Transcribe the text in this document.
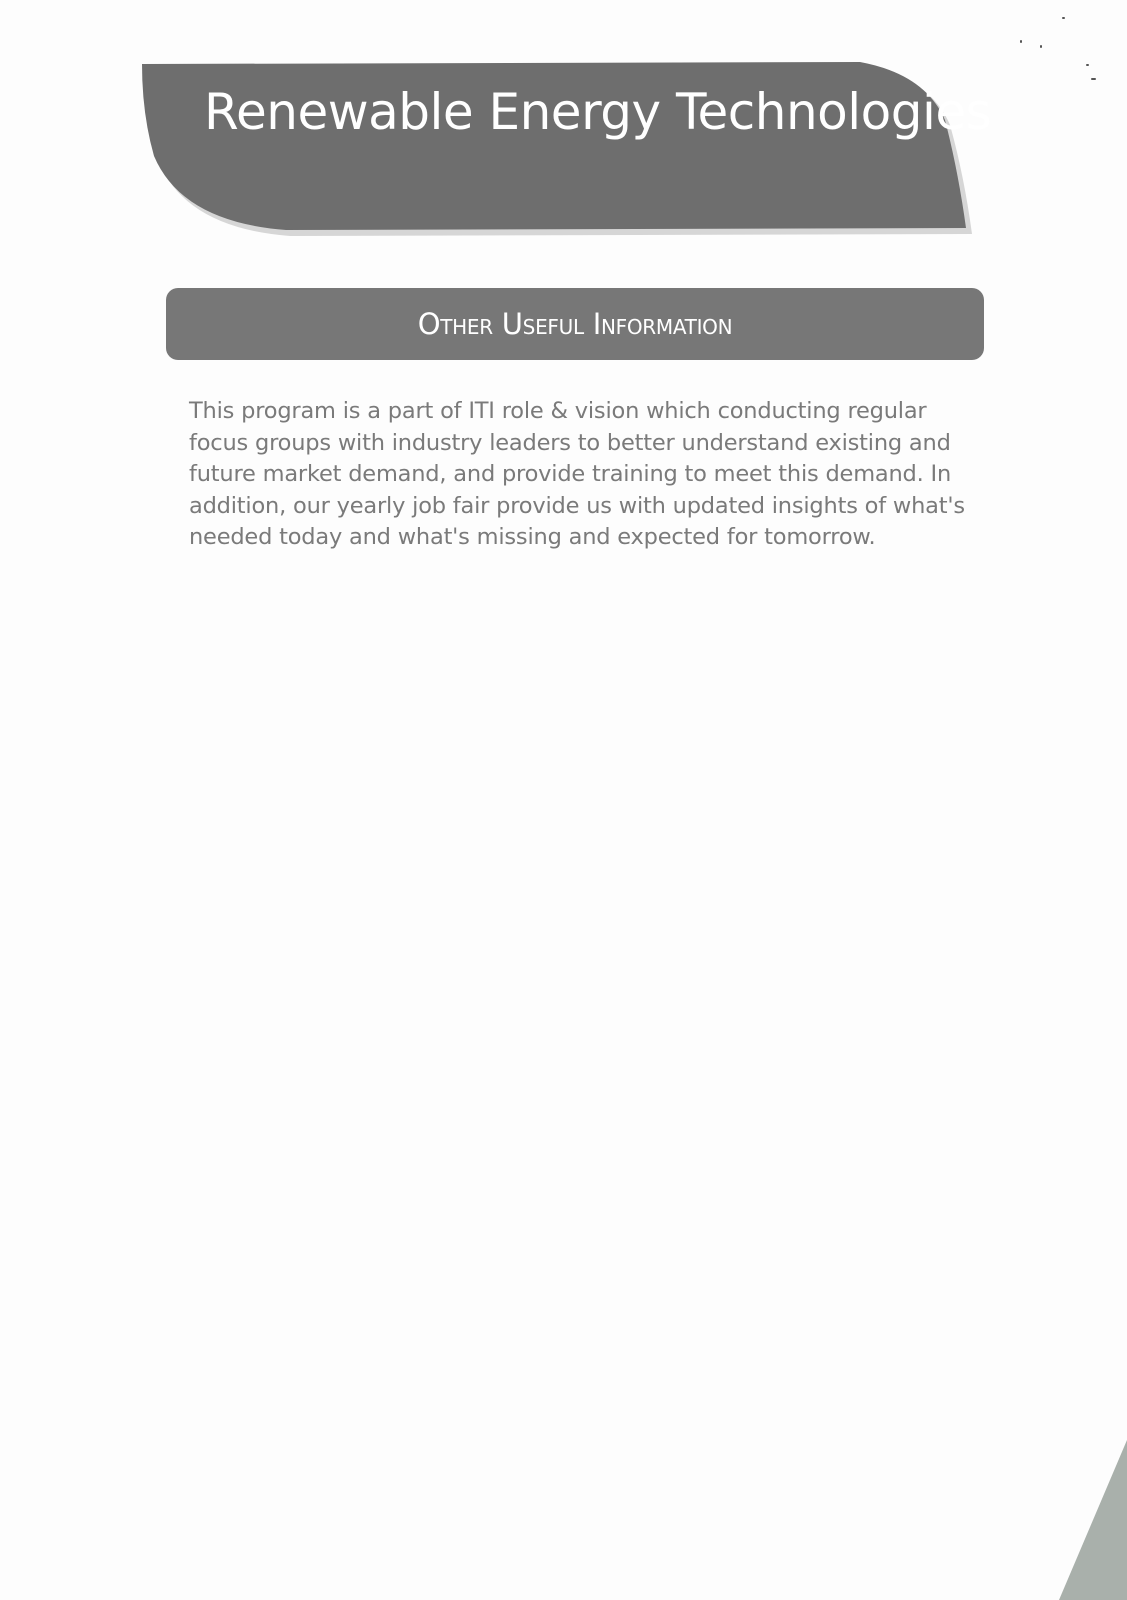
Renewable Energy Technologies
Other Useful Information
This program is a part of ITI role & vision which conducting regular focus groups with industry leaders to better understand existing and future market demand, and provide training to meet this demand. In addition, our yearly job fair provide us with updated insights of what's needed today and what's missing and expected for tomorrow.
